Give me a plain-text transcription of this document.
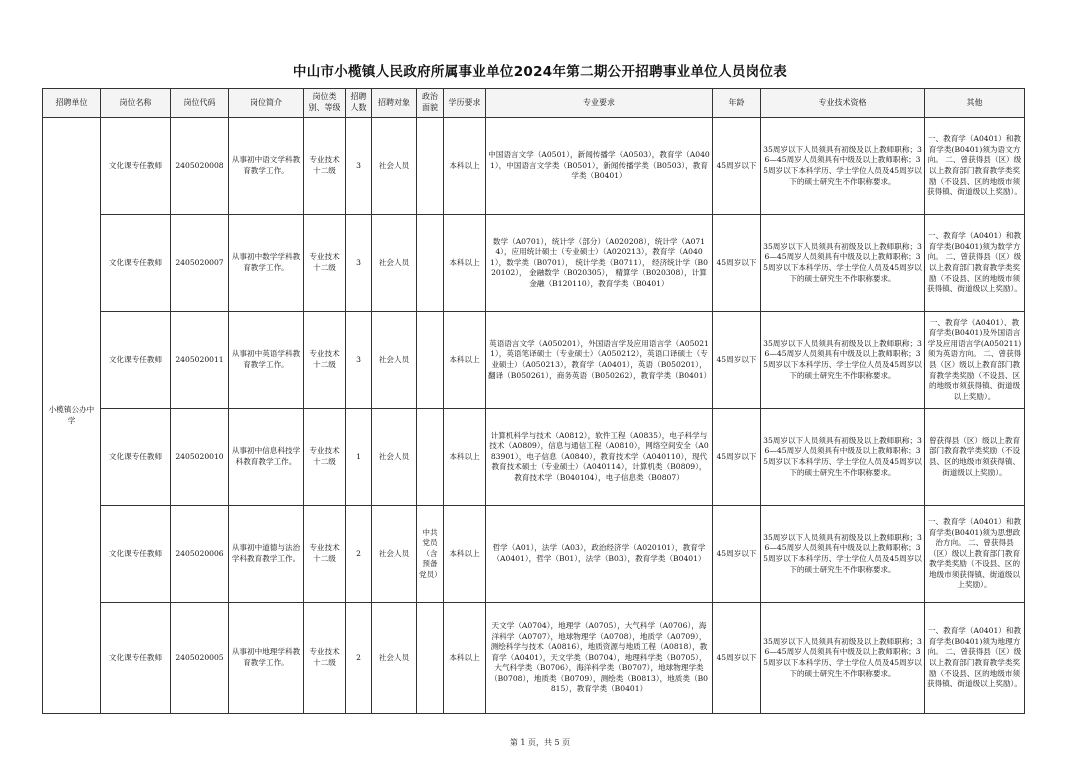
中山市小榄镇人民政府所属事业单位2024年第二期公开招聘事业单位人员岗位表
招聘单位	岗位名称	岗位代码	岗位简介	岗位类别、等级	招聘人数	招聘对象	政治面貌	学历要求	专业要求	年龄	专业技术资格	其他
小榄镇公办中学	文化课专任教师	2405020008	从事初中语文学科教育教学工作。	专业技术十二级	3	社会人员		本科以上	中国语言文学（A0501），新闻传播学（A0503），教育学（A0401），中国语言文学类（B0501），新闻传播学类（B0503），教育学类（B0401）	45周岁以下	35周岁以下人员须具有初级及以上教师职称；36—45周岁人员须具有中级及以上教师职称；35周岁以下本科学历、学士学位人员及45周岁以下的硕士研究生不作职称要求。	一、教育学（A0401）和教育学类(B0401)须为语文方向。 二、曾获得县（区）级以上教育部门教育教学类奖励（不设县、区的地级市须获得镇、街道级以上奖励）。
	文化课专任教师	2405020007	从事初中数学学科教育教学工作。	专业技术十二级	3	社会人员		本科以上	数学（A0701），统计学（部分）（A020208），统计学（A0714），应用统计硕士（专业硕士）（A020213），教育学（A0401），数学类（B0701）， 统计学类（B0711）， 经济统计学（B020102）， 金融数学（B020305）， 精算学（B020308），计算金融（B120110），教育学类（B0401）	45周岁以下	35周岁以下人员须具有初级及以上教师职称；36—45周岁人员须具有中级及以上教师职称；35周岁以下本科学历、学士学位人员及45周岁以下的硕士研究生不作职称要求。	一、教育学（A0401）和教育学类(B0401)须为数学方向。 二、曾获得县（区）级以上教育部门教育教学类奖励（不设县、区的地级市须获得镇、街道级以上奖励）。
	文化课专任教师	2405020011	从事初中英语学科教育教学工作。	专业技术十二级	3	社会人员		本科以上	英语语言文学（A050201），外国语言学及应用语言学（A050211），英语笔译硕士（专业硕士）（A050212），英语口译硕士（专业硕士）（A050213），教育学（A0401），英语（B050201），翻译（B050261），商务英语（B050262），教育学类（B0401）	45周岁以下	35周岁以下人员须具有初级及以上教师职称；36—45周岁人员须具有中级及以上教师职称；35周岁以下本科学历、学士学位人员及45周岁以下的硕士研究生不作职称要求。	一、教育学（A0401）、教育学类(B0401)及外国语言学及应用语言学(A050211)须为英语方向。 二、曾获得县（区）级以上教育部门教育教学类奖励（不设县、区的地级市须获得镇、街道级以上奖励）。
	文化课专任教师	2405020010	从事初中信息科技学科教育教学工作。	专业技术十二级	1	社会人员		本科以上	计算机科学与技术（A0812），软件工程（A0835），电子科学与技术（A0809），信息与通信工程（A0810），网络空间安全（A083901），电子信息（A0840），教育技术学（A040110），现代教育技术硕士（专业硕士）（A040114），计算机类（B0809），教育技术学（B040104），电子信息类（B0807）	45周岁以下	35周岁以下人员须具有初级及以上教师职称；36—45周岁人员须具有中级及以上教师职称；35周岁以下本科学历、学士学位人员及45周岁以下的硕士研究生不作职称要求。	曾获得县（区）级以上教育部门教育教学类奖励（不设县、区的地级市须获得镇、街道级以上奖励）。
	文化课专任教师	2405020006	从事初中道德与法治学科教育教学工作。	专业技术十二级	2	社会人员	中共党员（含预备党员）	本科以上	哲学（A01），法学（A03），政治经济学（A020101），教育学（A0401），哲学（B01），法学（B03），教育学类（B0401）	45周岁以下	35周岁以下人员须具有初级及以上教师职称；36—45周岁人员须具有中级及以上教师职称；35周岁以下本科学历、学士学位人员及45周岁以下的硕士研究生不作职称要求。	一、教育学（A0401）和教育学类(B0401)须为思想政治方向。 二、曾获得县（区）级以上教育部门教育教学类奖励（不设县、区的地级市须获得镇、街道级以上奖励）。
	文化课专任教师	2405020005	从事初中地理学科教育教学工作。	专业技术十二级	2	社会人员		本科以上	天文学（A0704），地理学（A0705），大气科学（A0706），海洋科学（A0707），地球物理学（A0708），地质学（A0709），测绘科学与技术（A0816），地质资源与地质工程（A0818），教育学（A0401），天文学类（B0704），地理科学类（B0705），大气科学类（B0706），海洋科学类（B0707），地球物理学类（B0708），地质类（B0709），测绘类（B0813），地质类（B0815），教育学类（B0401）	45周岁以下	35周岁以下人员须具有初级及以上教师职称；36—45周岁人员须具有中级及以上教师职称；35周岁以下本科学历、学士学位人员及45周岁以下的硕士研究生不作职称要求。	一、教育学（A0401）和教育学类(B0401)须为地理方向。 二、曾获得县（区）级以上教育部门教育教学类奖励（不设县、区的地级市须获得镇、街道级以上奖励）。
第 1 页，共 5 页
